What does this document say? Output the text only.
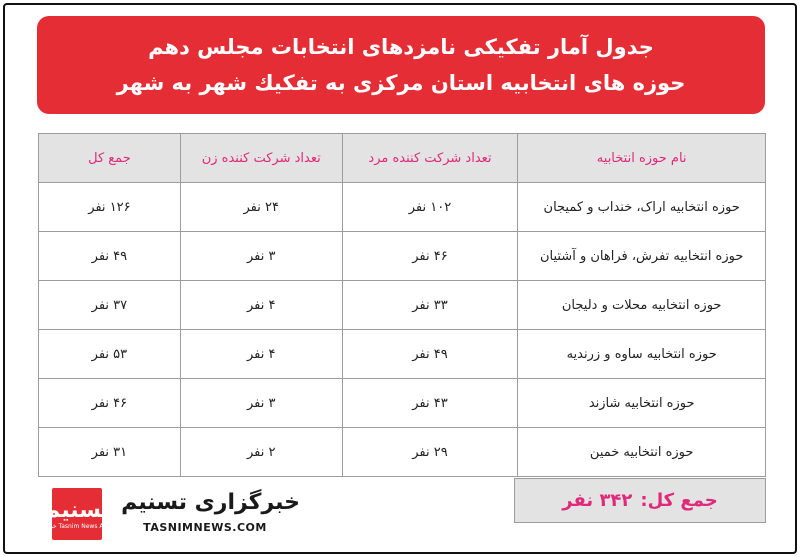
جدول آمار تفکیکی نامزدهای انتخابات مجلس دهم
حوزه های انتخابیه استان مرکزی به تفکیك شهر به شهر
نام حوزه انتخابیه	تعداد شرکت کننده مرد	تعداد شرکت کننده زن	جمع کل
حوزه انتخابیه اراک، خنداب و کمیجان	۱۰۲ نفر	۲۴ نفر	۱۲۶ نفر
حوزه انتخابیه تفرش، فراهان و آشتیان	۴۶ نفر	۳ نفر	۴۹ نفر
حوزه انتخابیه محلات و دلیجان	۳۳ نفر	۴ نفر	۳۷ نفر
حوزه انتخابیه ساوه و زرندیه	۴۹ نفر	۴ نفر	۵۳ نفر
حوزه انتخابیه شازند	۴۳ نفر	۳ نفر	۴۶ نفر
حوزه انتخابیه خمین	۲۹ نفر	۲ نفر	۳۱ نفر
جمع کل:
۳۴۲ نفر
تسنیم
خبرگزاری Tasnim News Agency
خبرگزاری تسنیم
TASNIMNEWS.COM
